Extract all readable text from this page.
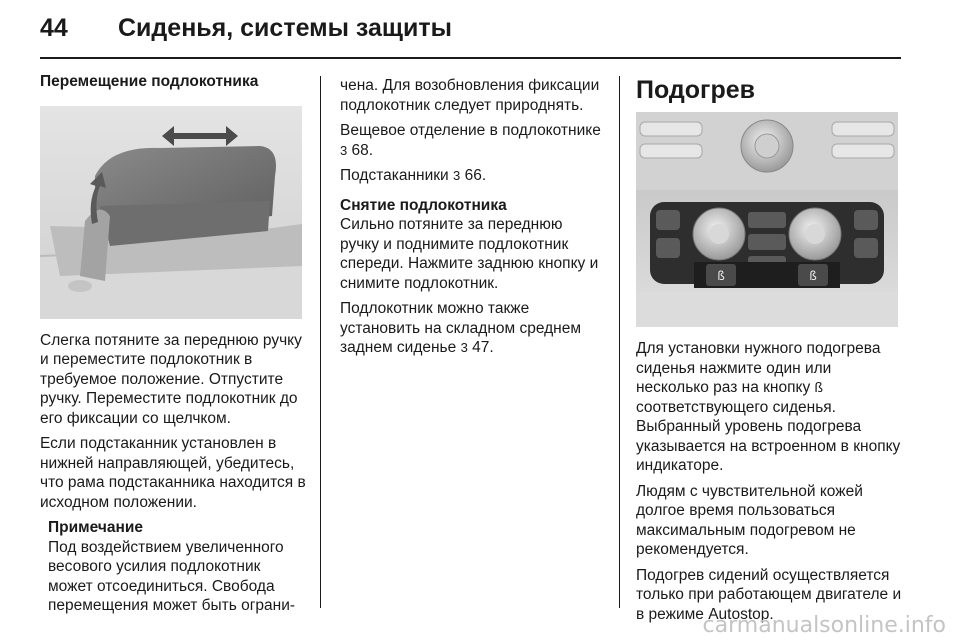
44 Сиденья, системы защиты

Перемещение подлокотника

Слегка потяните за переднюю ручку и переместите подлокотник в требуемое положение. Отпустите ручку. Переместите подлокотник до его фиксации со щелчком.

Если подстаканник установлен в нижней направляющей, убедитесь, что рама подстаканника находится в исходном положении.

Примечание

Под воздействием увеличенного весового усилия подлокотник может отсоединиться. Свобода перемещения может быть ограни-

чена. Для возобновления фиксации подлокотник следует природнять.

Вещевое отделение в подлокотнике 3 68.

Подстаканники 3 66.

Снятие подлокотника

Сильно потяните за переднюю ручку и поднимите подлокотник спереди. Нажмите заднюю кнопку и снимите подлокотник.

Подлокотник можно также установить на складном среднем заднем сиденье 3 47.

Подогрев

ß	ß

Для установки нужного подогрева сиденья нажмите один или несколько раз на кнопку ß соответствующего сиденья. Выбранный уровень подогрева указывается на встроенном в кнопку индикаторе.

Людям с чувствительной кожей долгое время пользоваться максимальным подогревом не рекомендуется.

Подогрев сидений осуществляется только при работающем двигателе и в режиме Autostop.

carmanualsonline.info
